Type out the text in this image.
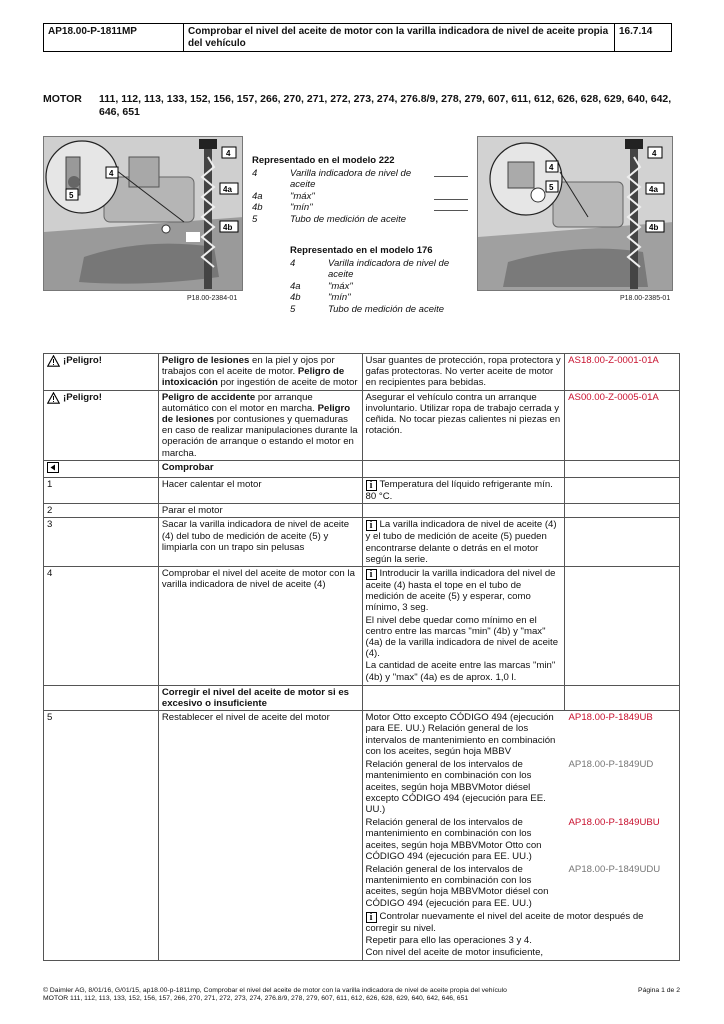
AP18.00-P-1811MP	Comprobar el nivel del aceite de motor con la varilla indicadora de nivel de aceite propia del vehículo
16.7.14
MOTOR	111, 112, 113, 133, 152, 156, 157, 266, 270, 271, 272, 273, 274, 276.8/9, 278, 279, 607, 611, 612, 626, 628, 629, 640, 642, 646, 651
4
4
5
4a
4b
P18.00-2384-01
Representado en el modelo 222
4	Varilla indicadora de nivel de aceite
4a	"máx"
4b	"mín"
5	Tubo de medición de aceite
Representado en el modelo 176
4	Varilla indicadora de nivel de aceite
4a	"máx"
4b	"mín"
5	Tubo de medición de aceite
4
4
5	4a
4b
P18.00-2385-01
¡Peligro!	Peligro de lesiones en la piel y ojos por trabajos con el aceite de motor. Peligro de intoxicación por ingestión de aceite de motor	Usar guantes de protección, ropa protectora y gafas protectoras. No verter aceite de motor en recipientes para bebidas.	AS18.00-Z-0001-01A

¡Peligro!	Peligro de accidente por arranque automático con el motor en marcha. Peligro de lesiones por contusiones y quemaduras en caso de realizar manipulaciones durante la operación de arranque o estando el motor en marcha.	Asegurar el vehículo contra un arranque involuntario. Utilizar ropa de trabajo cerrada y ceñida. No tocar piezas calientes ni piezas en rotación.	AS00.00-Z-0005-01A
	Comprobar		
1	Hacer calentar el motor	i Temperatura del líquido refrigerante mín. 80 °C.	
2	Parar el motor		
3	Sacar la varilla indicadora de nivel de aceite (4) del tubo de medición de aceite (5) y limpiarla con un trapo sin pelusas	i La varilla indicadora de nivel de aceite (4) y el tubo de medición de aceite (5) pueden encontrarse delante o detrás en el motor según la serie.	
4	Comprobar el nivel del aceite de motor con la varilla indicadora de nivel de aceite (4)	
i Introducir la varilla indicadora del nivel de aceite (4) hasta el tope en el tubo de medición de aceite (5) y esperar, como mínimo, 3 seg.
El nivel debe quedar como mínimo en el centro entre las marcas "min" (4b) y "max" (4a) de la varilla indicadora de nivel de aceite (4).
La cantidad de aceite entre las marcas "min" (4b) y "max" (4a) es de aprox. 1,0 l.

	Corregir el nivel del aceite de motor si es excesivo o insuficiente		
5	Restablecer el nivel de aceite del motor		Motor Otto excepto CÓDIGO 494 (ejecución para EE. UU.) Relación general de los intervalos de mantenimiento en combinación con los aceites, según hoja MBBV	AP18.00-P-1849UB
Relación general de los intervalos de mantenimiento en combinación con los aceites, según hoja MBBVMotor diésel excepto CÓDIGO 494 (ejecución para EE. UU.)	AP18.00-P-1849UD
Relación general de los intervalos de mantenimiento en combinación con los aceites, según hoja MBBVMotor Otto con CÓDIGO 494 (ejecución para EE. UU.)	AP18.00-P-1849UBU
Relación general de los intervalos de mantenimiento en combinación con los aceites, según hoja MBBVMotor diésel con CÓDIGO 494 (ejecución para EE. UU.)	AP18.00-P-1849UDU

i Controlar nuevamente el nivel del aceite de motor después de corregir su nivel.
Repetir para ello las operaciones 3 y 4.
Con nivel del aceite de motor insuficiente,
© Daimler AG, 8/01/16, G/01/15, ap18.00-p-1811mp, Comprobar el nivel del aceite de motor con la varilla indicadora de nivel de aceite propia del vehículo
MOTOR 111, 112, 113, 133, 152, 156, 157, 266, 270, 271, 272, 273, 274, 276.8/9, 278, 279, 607, 611, 612, 626, 628, 629, 640, 642, 646, 651
Página 1 de 2
